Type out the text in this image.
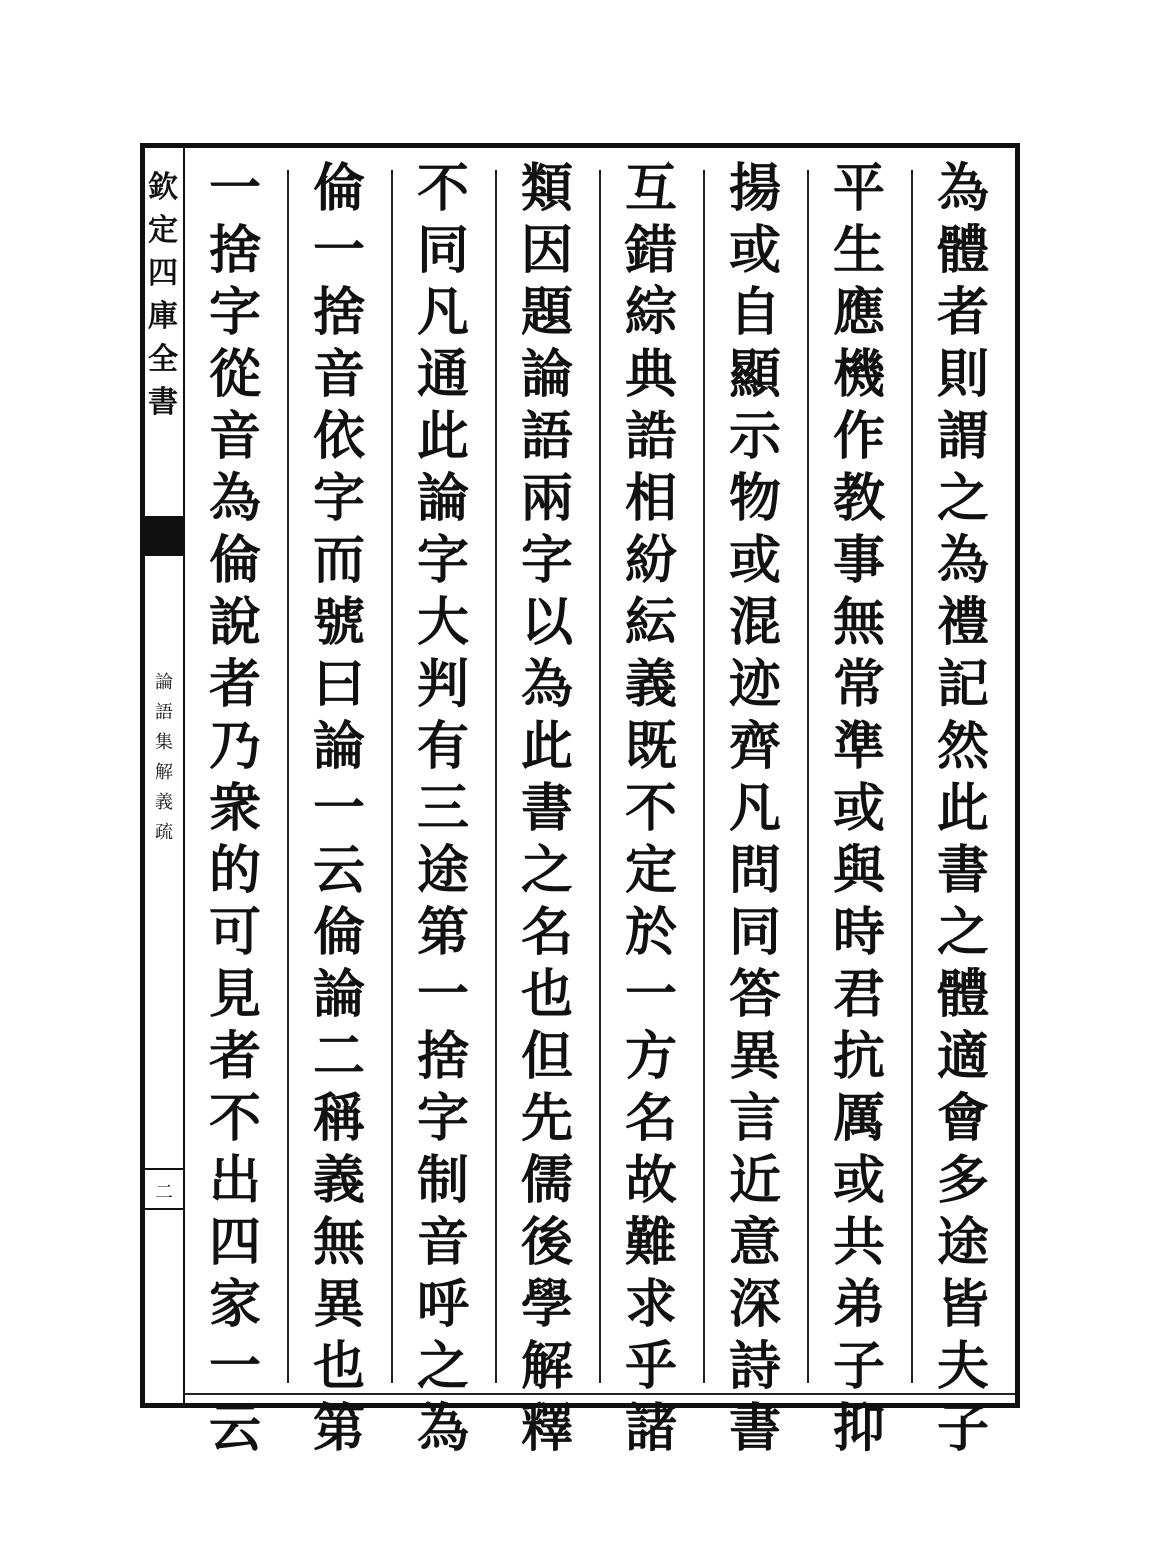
欽
定
四
庫
全
書
論
語
集
解
義
疏
二
為
體
者
則
謂
之
為
禮
記
然
此
書
之
體
適
會
多
途
皆
夫
子
平
生
應
機
作
教
事
無
常
準
或
與
時
君
抗
厲
或
共
弟
子
抑
揚
或
自
顯
示
物
或
混
迹
齊
凡
問
同
答
異
言
近
意
深
詩
書
互
錯
綜
典
誥
相
紛
紜
義
既
不
定
於
一
方
名
故
難
求
乎
諸
類
因
題
論
語
兩
字
以
為
此
書
之
名
也
但
先
儒
後
學
解
釋
不
同
凡
通
此
論
字
大
判
有
三
途
第
一
捨
字
制
音
呼
之
為
倫
一
捨
音
依
字
而
號
曰
論
一
云
倫
論
二
稱
義
無
異
也
第
一
捨
字
從
音
為
倫
說
者
乃
衆
的
可
見
者
不
出
四
家
一
云
